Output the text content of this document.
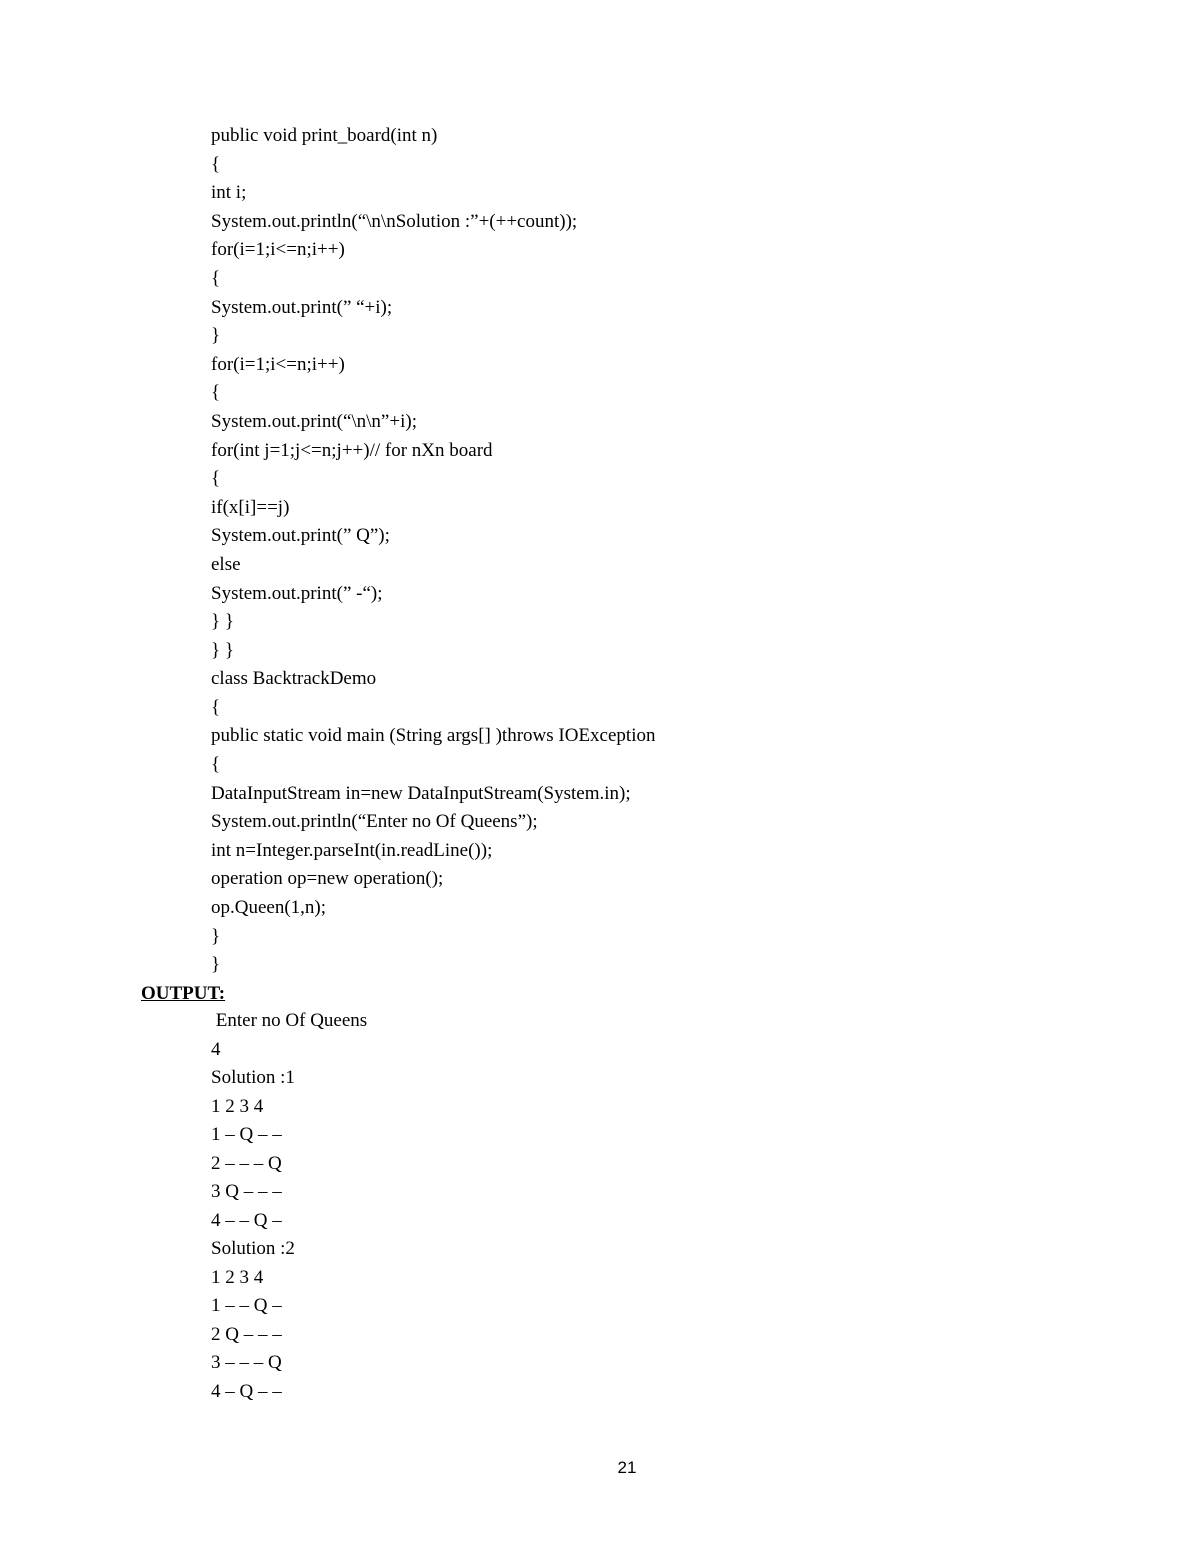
public void print_board(int n)
{
int i;
System.out.println(“\n\nSolution :”+(++count));
for(i=1;i<=n;i++)
{
System.out.print(” “+i);
}
for(i=1;i<=n;i++)
{
System.out.print(“\n\n”+i);
for(int j=1;j<=n;j++)// for nXn board
{
if(x[i]==j)
System.out.print(” Q”);
else
System.out.print(” -“);
} }
} }
class BacktrackDemo
{
public static void main (String args[] )throws IOException
{
DataInputStream in=new DataInputStream(System.in);
System.out.println(“Enter no Of Queens”);
int n=Integer.parseInt(in.readLine());
operation op=new operation();
op.Queen(1,n);
}
}
OUTPUT:
Enter no Of Queens
4
Solution :1
1 2 3 4
1 – Q – –
2 – – – Q
3 Q – – –
4 – – Q –
Solution :2
1 2 3 4
1 – – Q –
2 Q – – –
3 – – – Q
4 – Q – –
21
